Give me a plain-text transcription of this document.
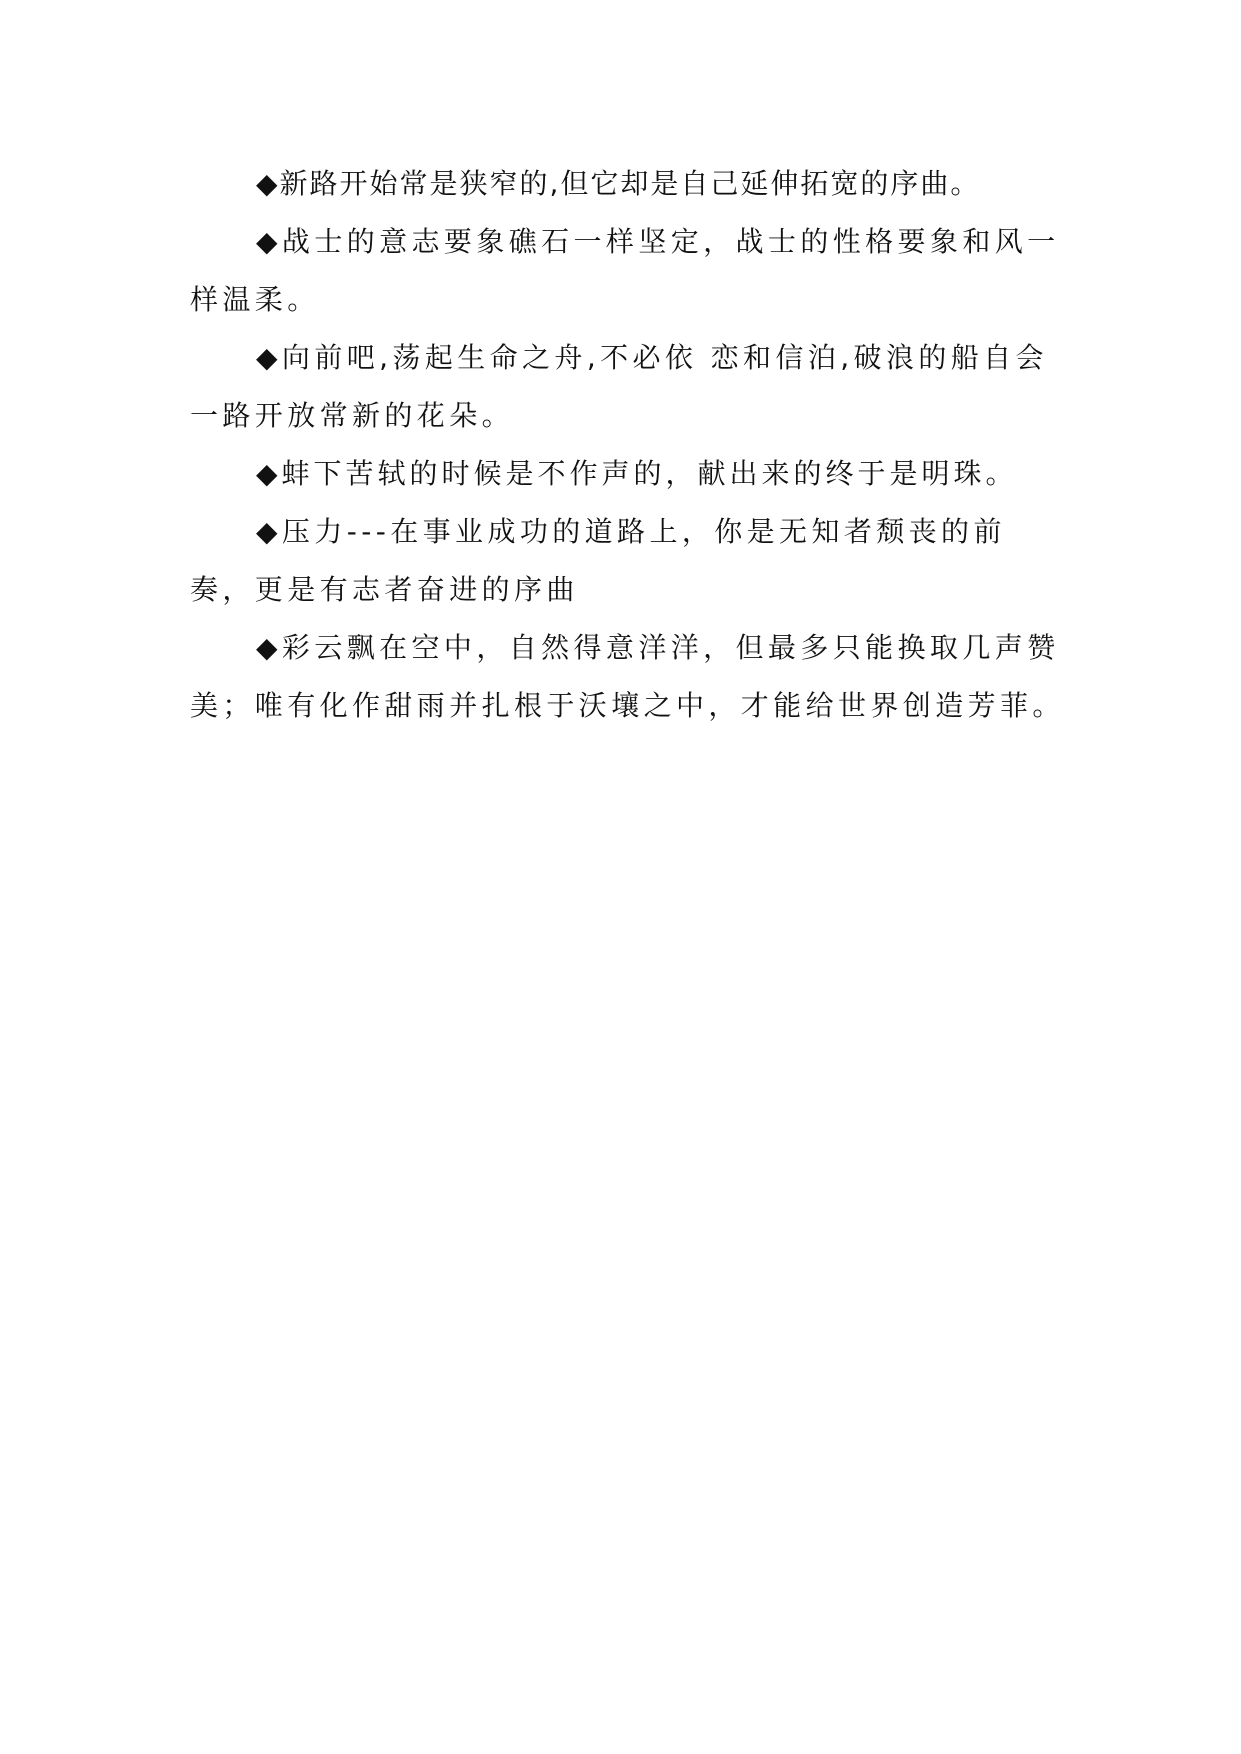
◆新路开始常是狭窄的,但它却是自己延伸拓宽的序曲。

◆战士的意志要象礁石一样坚定，战士的性格要象和风一样温柔。

◆向前吧,荡起生命之舟,不必依 恋和信泊,破浪的船自会一路开放常新的花朵。

◆蚌下苦轼的时候是不作声的，献出来的终于是明珠。

◆压力---在事业成功的道路上，你是无知者颓丧的前奏，更是有志者奋进的序曲

◆彩云飘在空中，自然得意洋洋，但最多只能换取几声赞美；唯有化作甜雨并扎根于沃壤之中，才能给世界创造芳菲。
